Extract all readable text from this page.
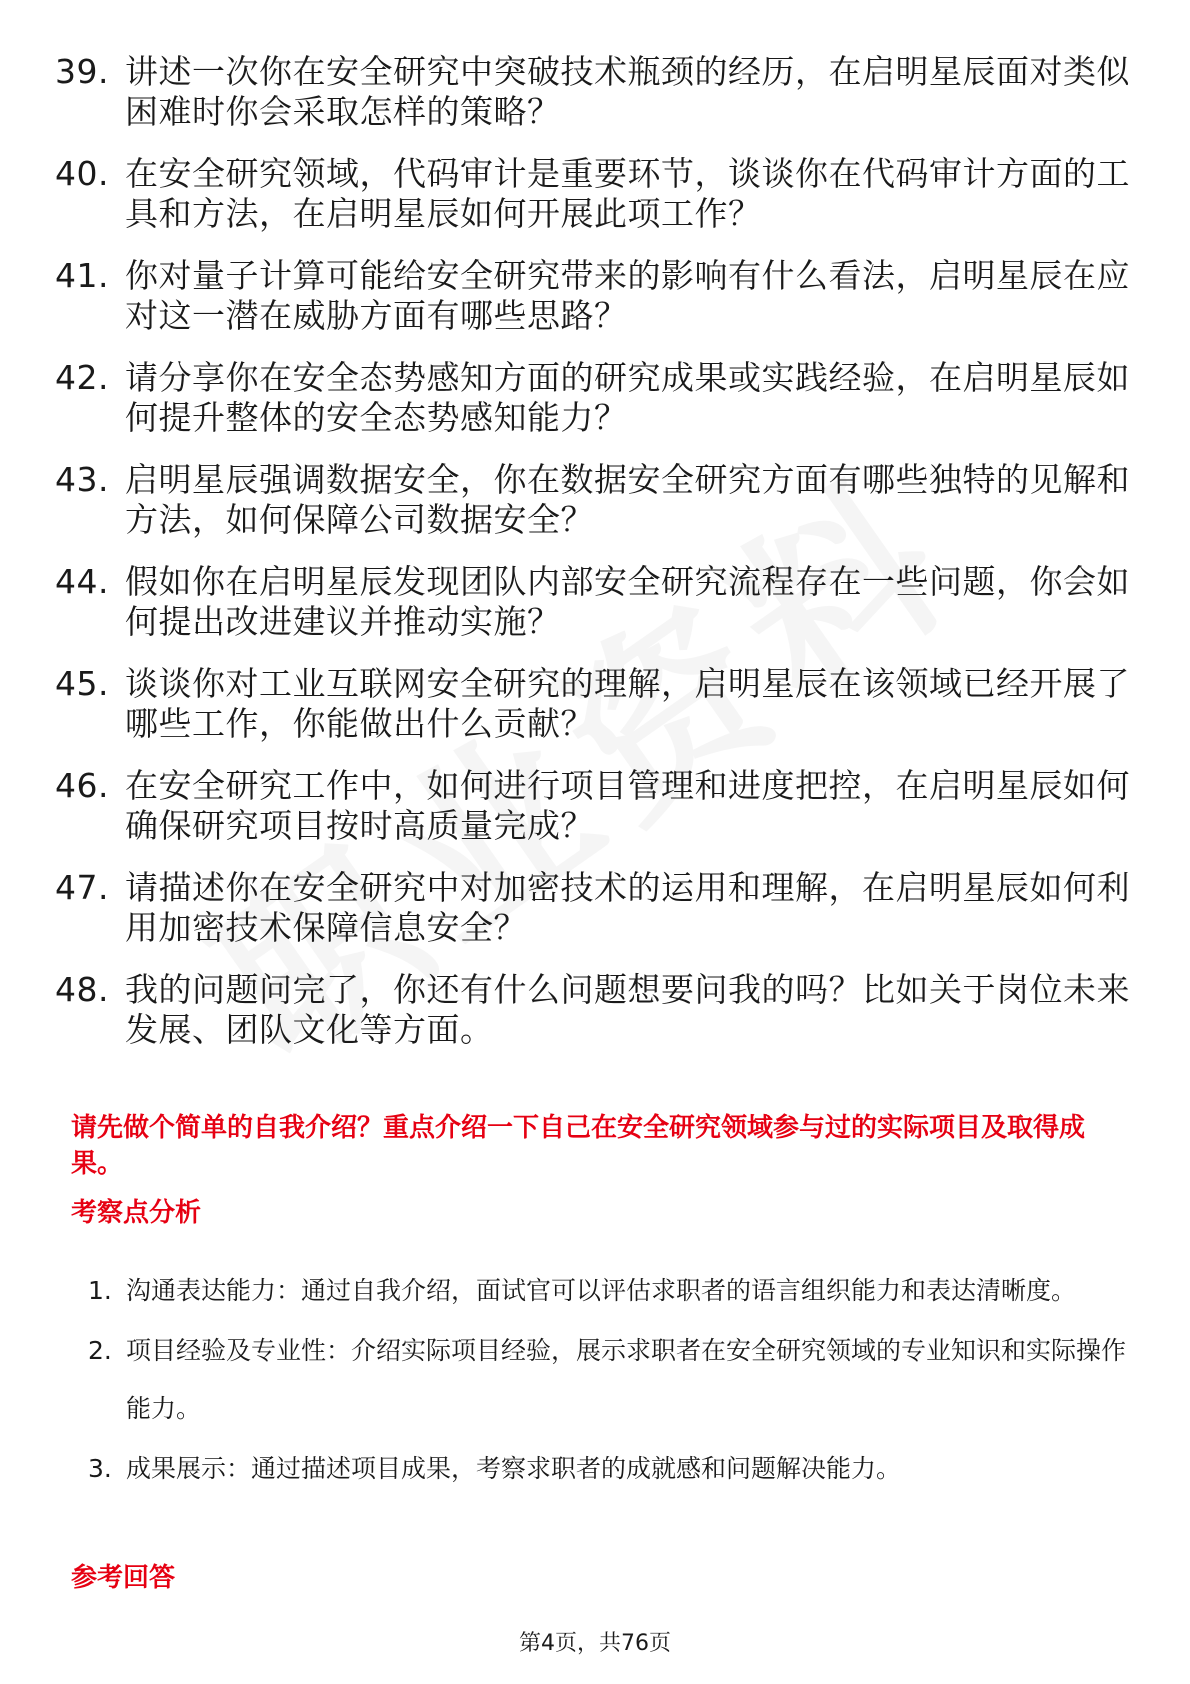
39. 讲述一次你在安全研究中突破技术瓶颈的经历，在启明星辰面对类似困难时你会采取怎样的策略？
40. 在安全研究领域，代码审计是重要环节，谈谈你在代码审计方面的工具和方法，在启明星辰如何开展此项工作？
41. 你对量子计算可能给安全研究带来的影响有什么看法，启明星辰在应对这一潜在威胁方面有哪些思路？
42. 请分享你在安全态势感知方面的研究成果或实践经验，在启明星辰如何提升整体的安全态势感知能力？
43. 启明星辰强调数据安全，你在数据安全研究方面有哪些独特的见解和方法，如何保障公司数据安全？
44. 假如你在启明星辰发现团队内部安全研究流程存在一些问题，你会如何提出改进建议并推动实施？
45. 谈谈你对工业互联网安全研究的理解，启明星辰在该领域已经开展了哪些工作，你能做出什么贡献？
46. 在安全研究工作中，如何进行项目管理和进度把控，在启明星辰如何确保研究项目按时高质量完成？
47. 请描述你在安全研究中对加密技术的运用和理解，在启明星辰如何利用加密技术保障信息安全？
48. 我的问题问完了，你还有什么问题想要问我的吗？比如关于岗位未来发展、团队文化等方面。
请先做个简单的自我介绍？重点介绍一下自己在安全研究领域参与过的实际项目及取得成果。
考察点分析
1. 沟通表达能力：通过自我介绍，面试官可以评估求职者的语言组织能力和表达清晰度。
2. 项目经验及专业性：介绍实际项目经验，展示求职者在安全研究领域的专业知识和实际操作能力。
3. 成果展示：通过描述项目成果，考察求职者的成就感和问题解决能力。
参考回答
第4页，共76页
